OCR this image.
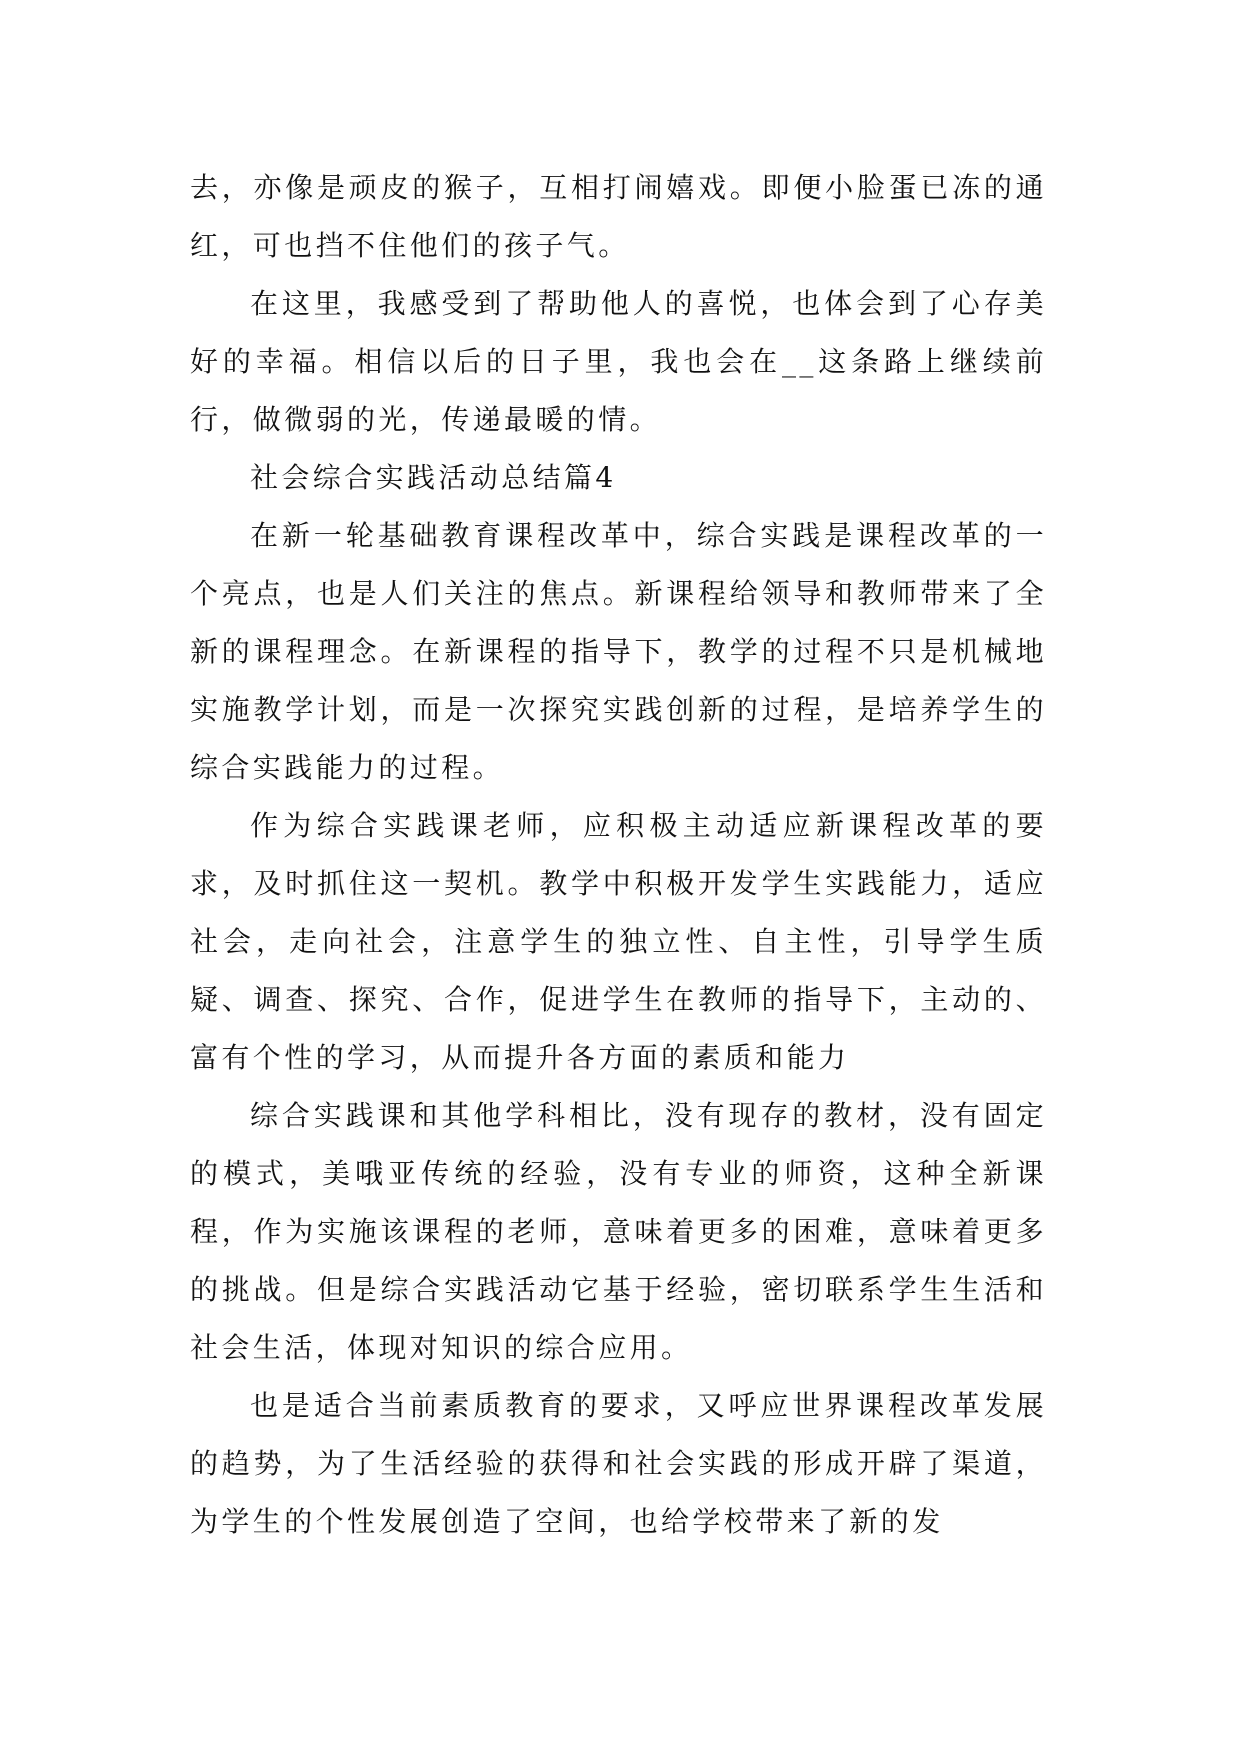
去，亦像是顽皮的猴子，互相打闹嬉戏。即便小脸蛋已冻的通红，可也挡不住他们的孩子气。

在这里，我感受到了帮助他人的喜悦，也体会到了心存美好的幸福。相信以后的日子里，我也会在__这条路上继续前行，做微弱的光，传递最暖的情。

社会综合实践活动总结篇4

在新一轮基础教育课程改革中，综合实践是课程改革的一个亮点，也是人们关注的焦点。新课程给领导和教师带来了全新的课程理念。在新课程的指导下，教学的过程不只是机械地实施教学计划，而是一次探究实践创新的过程，是培养学生的综合实践能力的过程。

作为综合实践课老师，应积极主动适应新课程改革的要求，及时抓住这一契机。教学中积极开发学生实践能力，适应社会，走向社会，注意学生的独立性、自主性，引导学生质疑、调查、探究、合作，促进学生在教师的指导下，主动的、富有个性的学习，从而提升各方面的素质和能力

综合实践课和其他学科相比，没有现存的教材，没有固定的模式，美哦亚传统的经验，没有专业的师资，这种全新课程，作为实施该课程的老师，意味着更多的困难，意味着更多的挑战。但是综合实践活动它基于经验，密切联系学生生活和社会生活，体现对知识的综合应用。

也是适合当前素质教育的要求，又呼应世界课程改革发展的趋势，为了生活经验的获得和社会实践的形成开辟了渠道，为学生的个性发展创造了空间，也给学校带来了新的发
